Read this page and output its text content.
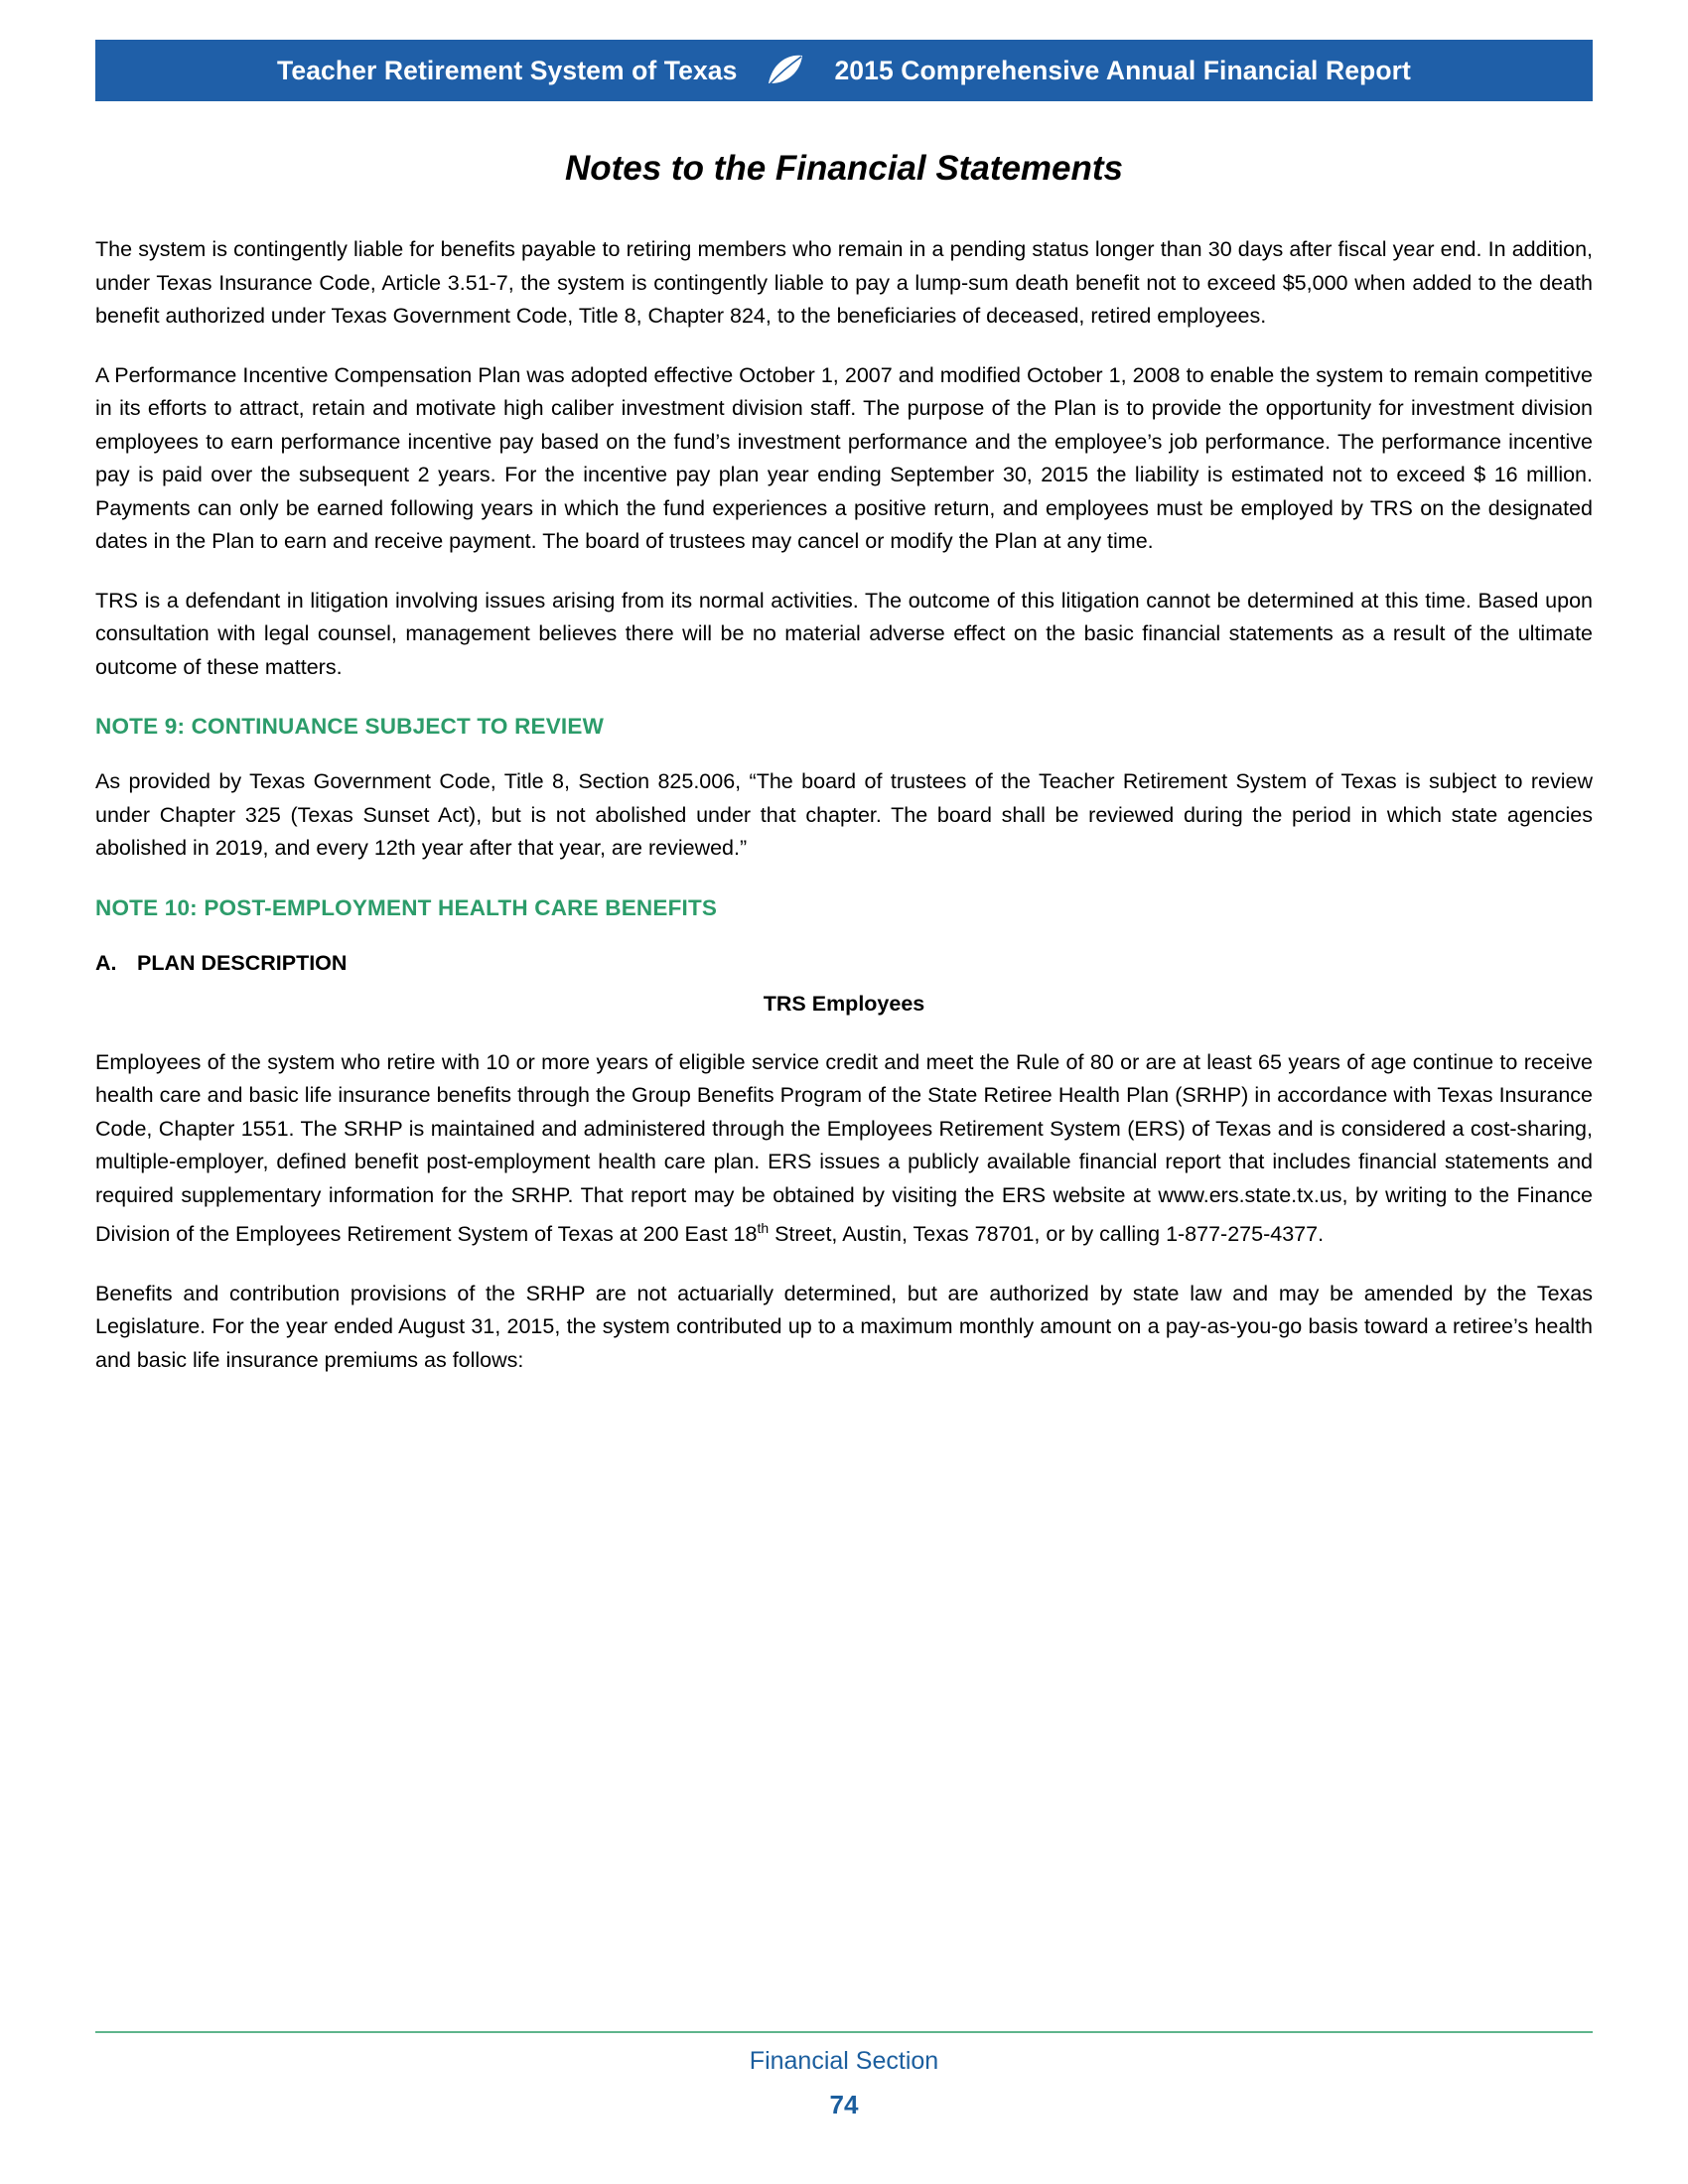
Teacher Retirement System of Texas	2015 Comprehensive Annual Financial Report
Notes to the Financial Statements

The system is contingently liable for benefits payable to retiring members who remain in a pending status longer than 30 days after fiscal year end. In addition, under Texas Insurance Code, Article 3.51-7, the system is contingently liable to pay a lump-sum death benefit not to exceed $5,000 when added to the death benefit authorized under Texas Government Code, Title 8, Chapter 824, to the beneficiaries of deceased, retired employees.

A Performance Incentive Compensation Plan was adopted effective October 1, 2007 and modified October 1, 2008 to enable the system to remain competitive in its efforts to attract, retain and motivate high caliber investment division staff. The purpose of the Plan is to provide the opportunity for investment division employees to earn performance incentive pay based on the fund’s investment performance and the employee’s job performance. The performance incentive pay is paid over the subsequent 2 years. For the incentive pay plan year ending September 30, 2015 the liability is estimated not to exceed $ 16 million. Payments can only be earned following years in which the fund experiences a positive return, and employees must be employed by TRS on the designated dates in the Plan to earn and receive payment. The board of trustees may cancel or modify the Plan at any time.

TRS is a defendant in litigation involving issues arising from its normal activities. The outcome of this litigation cannot be determined at this time. Based upon consultation with legal counsel, management believes there will be no material adverse effect on the basic financial statements as a result of the ultimate outcome of these matters.

NOTE 9: CONTINUANCE SUBJECT TO REVIEW

As provided by Texas Government Code, Title 8, Section 825.006, “The board of trustees of the Teacher Retirement System of Texas is subject to review under Chapter 325 (Texas Sunset Act), but is not abolished under that chapter. The board shall be reviewed during the period in which state agencies abolished in 2019, and every 12th year after that year, are reviewed.”

NOTE 10: POST-EMPLOYMENT HEALTH CARE BENEFITS
A. PLAN DESCRIPTION
TRS Employees

Employees of the system who retire with 10 or more years of eligible service credit and meet the Rule of 80 or are at least 65 years of age continue to receive health care and basic life insurance benefits through the Group Benefits Program of the State Retiree Health Plan (SRHP) in accordance with Texas Insurance Code, Chapter 1551. The SRHP is maintained and administered through the Employees Retirement System (ERS) of Texas and is considered a cost-sharing, multiple-employer, defined benefit post-employment health care plan. ERS issues a publicly available financial report that includes financial statements and required supplementary information for the SRHP. That report may be obtained by visiting the ERS website at www.ers.state.tx.us, by writing to the Finance Division of the Employees Retirement System of Texas at 200 East 18th Street, Austin, Texas 78701, or by calling 1-877-275-4377.

Benefits and contribution provisions of the SRHP are not actuarially determined, but are authorized by state law and may be amended by the Texas Legislature. For the year ended August 31, 2015, the system contributed up to a maximum monthly amount on a pay-as-you-go basis toward a retiree’s health and basic life insurance premiums as follows:

Financial Section
74
